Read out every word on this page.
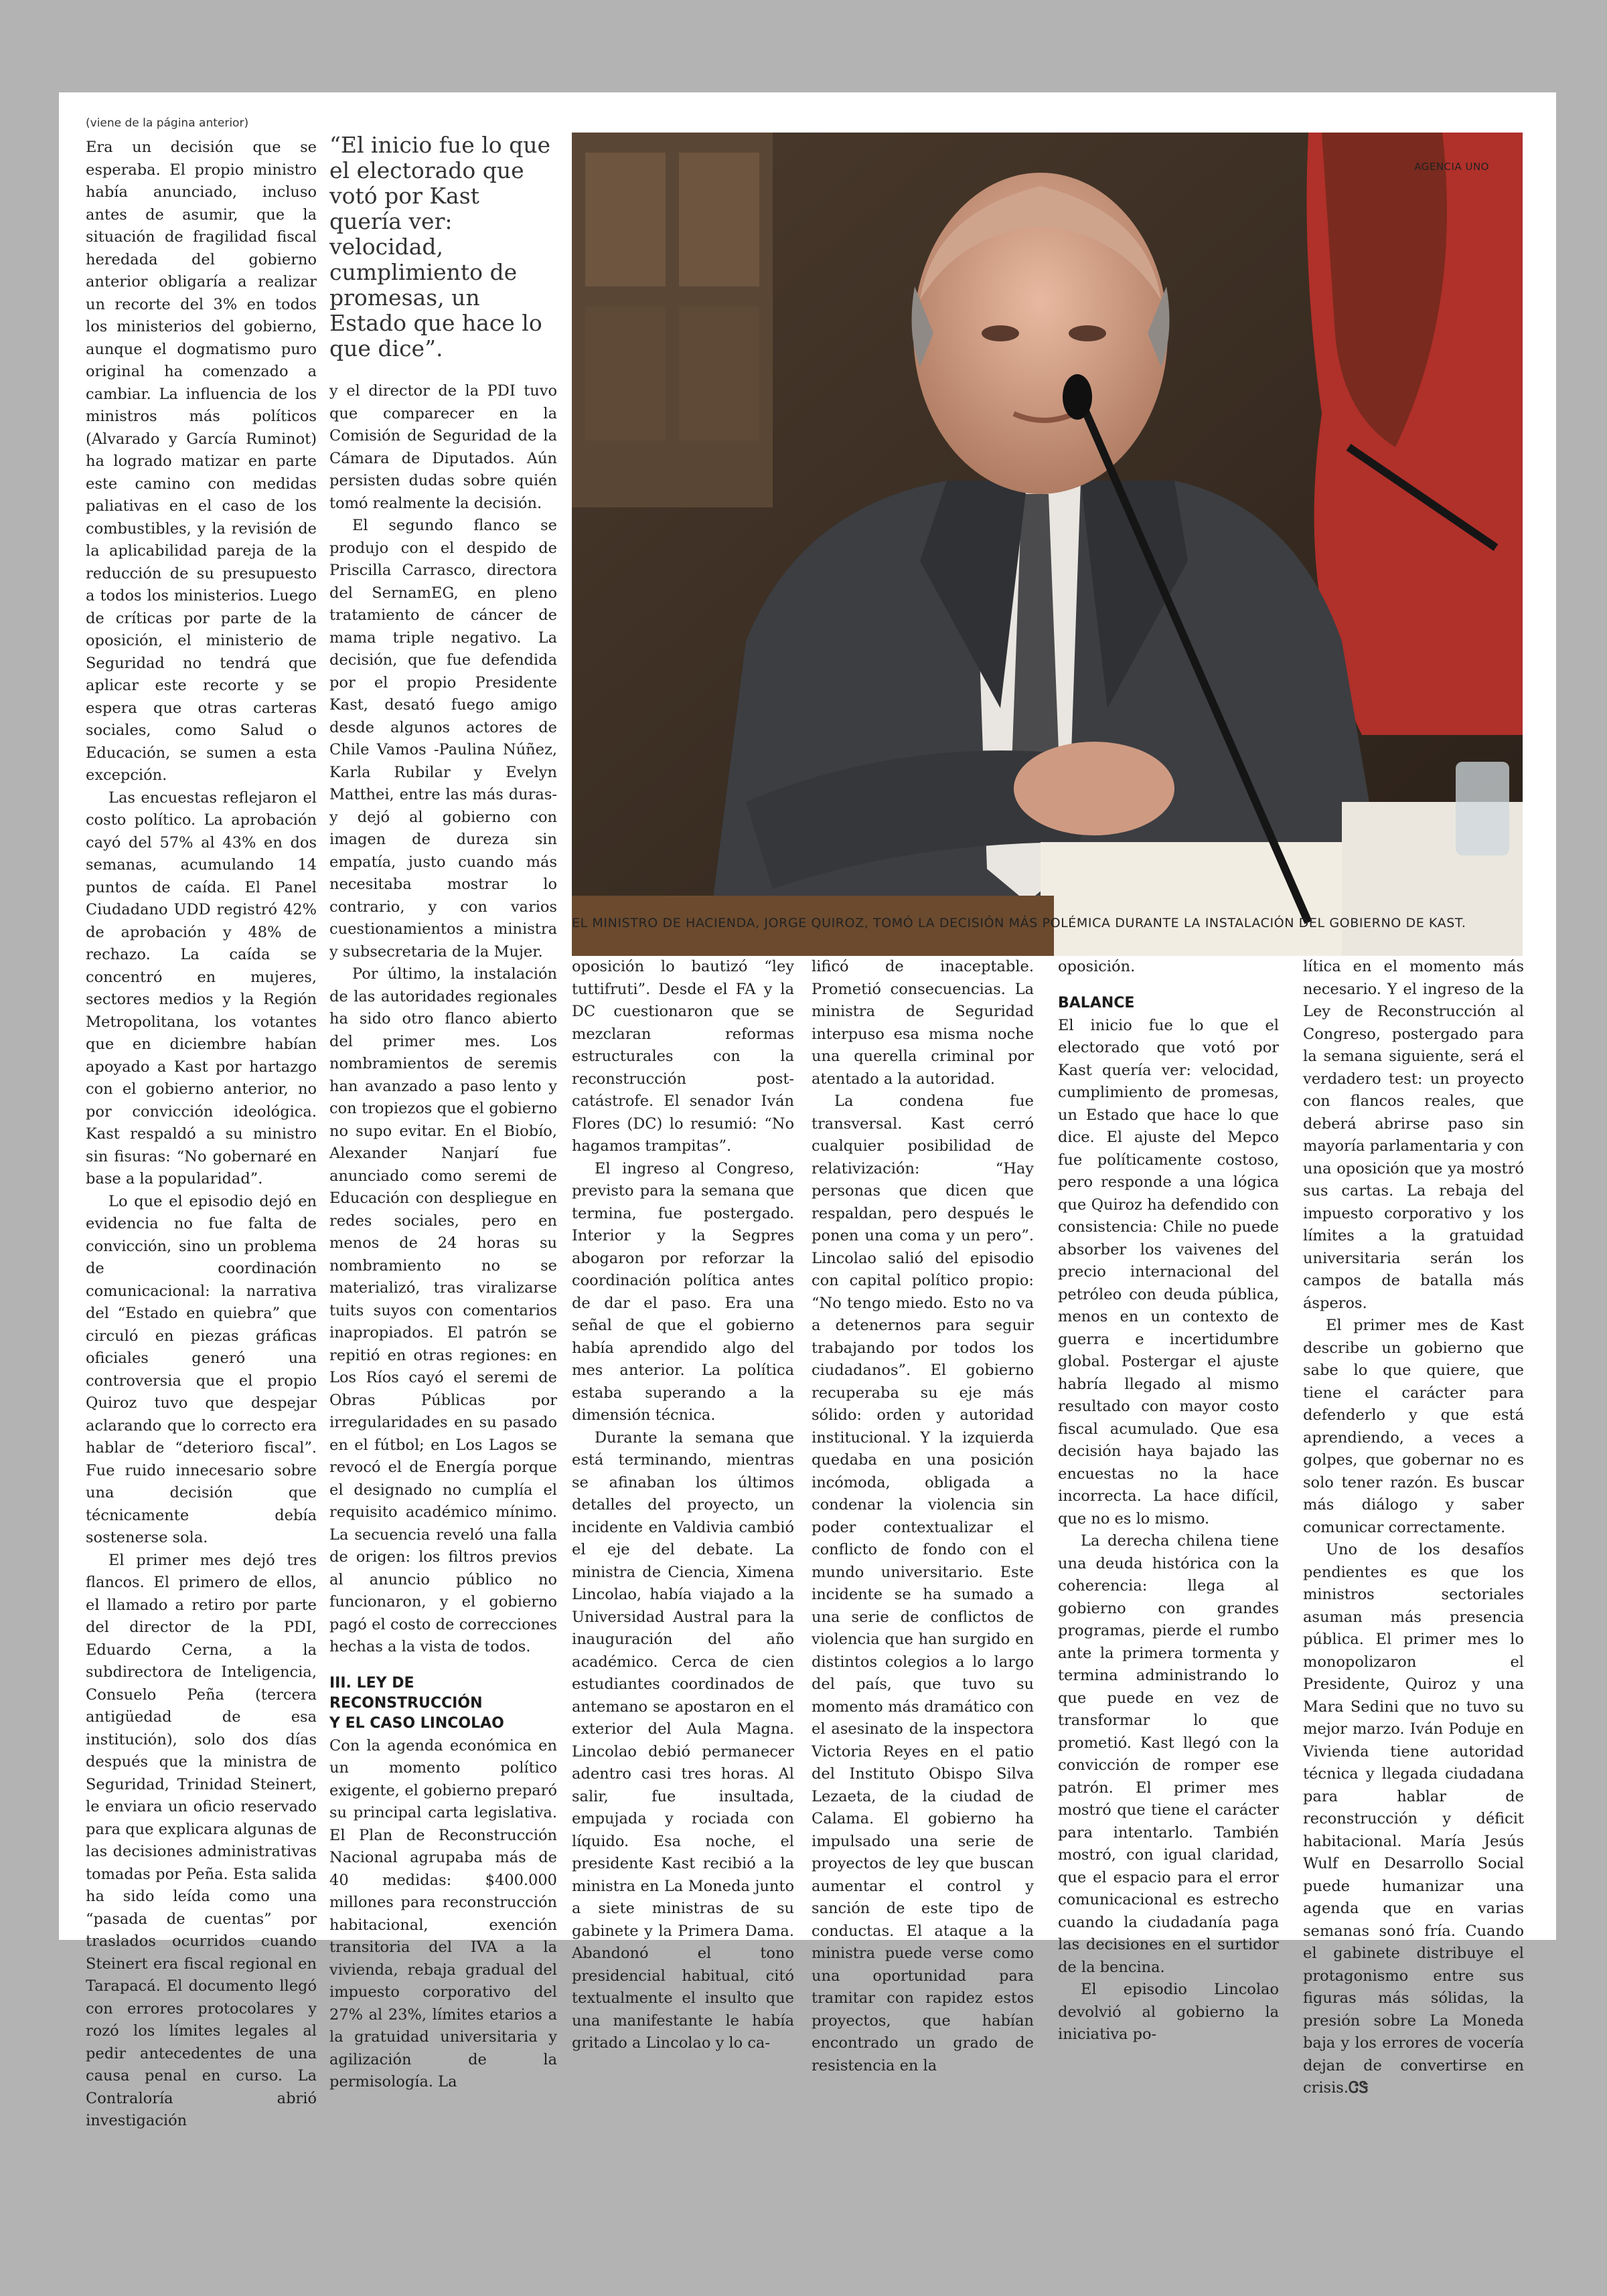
(viene de la página anterior)

Era un decisión que se esperaba. El propio ministro había anunciado, incluso antes de asumir, que la situación de fragilidad fiscal heredada del gobierno anterior obligaría a realizar un recorte del 3% en todos los ministerios del gobierno, aunque el dogmatismo puro original ha comenzado a cambiar. La influencia de los ministros más políticos (Alvarado y García Ruminot) ha logrado matizar en parte este camino con medidas paliativas en el caso de los combustibles, y la revisión de la aplicabilidad pareja de la reducción de su presupuesto a todos los ministerios. Luego de críticas por parte de la oposición, el ministerio de Seguridad no tendrá que aplicar este recorte y se espera que otras carteras sociales, como Salud o Educación, se sumen a esta excepción.

Las encuestas reflejaron el costo político. La aprobación cayó del 57% al 43% en dos semanas, acumulando 14 puntos de caída. El Panel Ciudadano UDD registró 42% de aprobación y 48% de rechazo. La caída se concentró en mujeres, sectores medios y la Región Metropolitana, los votantes que en diciembre habían apoyado a Kast por hartazgo con el gobierno anterior, no por convicción ideológica. Kast respaldó a su ministro sin fisuras: “No gobernaré en base a la popularidad”.

Lo que el episodio dejó en evidencia no fue falta de convicción, sino un problema de coordinación comunicacional: la narrativa del “Estado en quiebra” que circuló en piezas gráficas oficiales generó una controversia que el propio Quiroz tuvo que despejar aclarando que lo correcto era hablar de “deterioro fiscal”. Fue ruido innecesario sobre una decisión que técnicamente debía sostenerse sola.

El primer mes dejó tres flancos. El primero de ellos, el llamado a retiro por parte del director de la PDI, Eduardo Cerna, a la subdirectora de Inteligencia, Consuelo Peña (tercera antigüedad de esa institución), solo dos días después que la ministra de Seguridad, Trinidad Steinert, le enviara un oficio reservado para que explicara algunas de las decisiones administrativas tomadas por Peña. Esta salida ha sido leída como una “pasada de cuentas” por traslados ocurridos cuando Steinert era fiscal regional en Tarapacá. El documento llegó con errores protocolares y rozó los límites legales al pedir antecedentes de una causa penal en curso. La Contraloría abrió investigación

“El inicio fue lo que el electorado que votó por Kast quería ver: velocidad, cumplimiento de promesas, un Estado que hace lo que dice”.

y el director de la PDI tuvo que comparecer en la Comisión de Seguridad de la Cámara de Diputados. Aún persisten dudas sobre quién tomó realmente la decisión.

El segundo flanco se produjo con el despido de Priscilla Carrasco, directora del SernamEG, en pleno tratamiento de cáncer de mama triple negativo. La decisión, que fue defendida por el propio Presidente Kast, desató fuego amigo desde algunos actores de Chile Vamos -Paulina Núñez, Karla Rubilar y Evelyn Matthei, entre las más duras- y dejó al gobierno con imagen de dureza sin empatía, justo cuando más necesitaba mostrar lo contrario, y con varios cuestionamientos a ministra y subsecretaria de la Mujer.

Por último, la instalación de las autoridades regionales ha sido otro flanco abierto del primer mes. Los nombramientos de seremis han avanzado a paso lento y con tropiezos que el gobierno no supo evitar. En el Biobío, Alexander Nanjarí fue anunciado como seremi de Educación con despliegue en redes sociales, pero en menos de 24 horas su nombramiento no se materializó, tras viralizarse tuits suyos con comentarios inapropiados. El patrón se repitió en otras regiones: en Los Ríos cayó el seremi de Obras Públicas por irregularidades en su pasado en el fútbol; en Los Lagos se revocó el de Energía porque el designado no cumplía el requisito académico mínimo. La secuencia reveló una falla de origen: los filtros previos al anuncio público no funcionaron, y el gobierno pagó el costo de correcciones hechas a la vista de todos.

III. LEY DE RECONSTRUCCIÓN
Y EL CASO LINCOLAO

Con la agenda económica en un momento político exigente, el gobierno preparó su principal carta legislativa. El Plan de Reconstrucción Nacional agrupaba más de 40 medidas: $400.000 millones para reconstrucción habitacional, exención transitoria del IVA a la vivienda, rebaja gradual del impuesto corporativo del 27% al 23%, límites etarios a la gratuidad universitaria y agilización de la permisología. La

AGENCIA UNO
EL MINISTRO DE HACIENDA, JORGE QUIROZ, TOMÓ LA DECISIÓN MÁS POLÉMICA DURANTE LA INSTALACIÓN DEL GOBIERNO DE KAST.

oposición lo bautizó “ley tuttifruti”. Desde el FA y la DC cuestionaron que se mezclaran reformas estructurales con la reconstrucción post-catástrofe. El senador Iván Flores (DC) lo resumió: “No hagamos trampitas”.

El ingreso al Congreso, previsto para la semana que termina, fue postergado. Interior y la Segpres abogaron por reforzar la coordinación política antes de dar el paso. Era una señal de que el gobierno había aprendido algo del mes anterior. La política estaba superando a la dimensión técnica.

Durante la semana que está terminando, mientras se afinaban los últimos detalles del proyecto, un incidente en Valdivia cambió el eje del debate. La ministra de Ciencia, Ximena Lincolao, había viajado a la Universidad Austral para la inauguración del año académico. Cerca de cien estudiantes coordinados de antemano se apostaron en el exterior del Aula Magna. Lincolao debió permanecer adentro casi tres horas. Al salir, fue insultada, empujada y rociada con líquido. Esa noche, el presidente Kast recibió a la ministra en La Moneda junto a siete ministras de su gabinete y la Primera Dama. Abandonó el tono presidencial habitual, citó textualmente el insulto que una manifestante le había gritado a Lincolao y lo ca-

lificó de inaceptable. Prometió consecuencias. La ministra de Seguridad interpuso esa misma noche una querella criminal por atentado a la autoridad.

La condena fue transversal. Kast cerró cualquier posibilidad de relativización: “Hay personas que dicen que respaldan, pero después le ponen una coma y un pero”. Lincolao salió del episodio con capital político propio: “No tengo miedo. Esto no va a detenernos para seguir trabajando por todos los ciudadanos”. El gobierno recuperaba su eje más sólido: orden y autoridad institucional. Y la izquierda quedaba en una posición incómoda, obligada a condenar la violencia sin poder contextualizar el conflicto de fondo con el mundo universitario. Este incidente se ha sumado a una serie de conflictos de violencia que han surgido en distintos colegios a lo largo del país, que tuvo su momento más dramático con el asesinato de la inspectora Victoria Reyes en el patio del Instituto Obispo Silva Lezaeta, de la ciudad de Calama. El gobierno ha impulsado una serie de proyectos de ley que buscan aumentar el control y sanción de este tipo de conductas. El ataque a la ministra puede verse como una oportunidad para tramitar con rapidez estos proyectos, que habían encontrado un grado de resistencia en la

oposición.

BALANCE

El inicio fue lo que el electorado que votó por Kast quería ver: velocidad, cumplimiento de promesas, un Estado que hace lo que dice. El ajuste del Mepco fue políticamente costoso, pero responde a una lógica que Quiroz ha defendido con consistencia: Chile no puede absorber los vaivenes del precio internacional del petróleo con deuda pública, menos en un contexto de guerra e incertidumbre global. Postergar el ajuste habría llegado al mismo resultado con mayor costo fiscal acumulado. Que esa decisión haya bajado las encuestas no la hace incorrecta. La hace difícil, que no es lo mismo.

La derecha chilena tiene una deuda histórica con la coherencia: llega al gobierno con grandes programas, pierde el rumbo ante la primera tormenta y termina administrando lo que puede en vez de transformar lo que prometió. Kast llegó con la convicción de romper ese patrón. El primer mes mostró que tiene el carácter para intentarlo. También mostró, con igual claridad, que el espacio para el error comunicacional es estrecho cuando la ciudadanía paga las decisiones en el surtidor de la bencina.

El episodio Lincolao devolvió al gobierno la iniciativa po-

lítica en el momento más necesario. Y el ingreso de la Ley de Reconstrucción al Congreso, postergado para la semana siguiente, será el verdadero test: un proyecto con flancos reales, que deberá abrirse paso sin mayoría parlamentaria y con una oposición que ya mostró sus cartas. La rebaja del impuesto corporativo y los límites a la gratuidad universitaria serán los campos de batalla más ásperos.

El primer mes de Kast describe un gobierno que sabe lo que quiere, que tiene el carácter para defenderlo y que está aprendiendo, a veces a golpes, que gobernar no es solo tener razón. Es buscar más diálogo y saber comunicar correctamente.

Uno de los desafíos pendientes es que los ministros sectoriales asuman más presencia pública. El primer mes lo monopolizaron el Presidente, Quiroz y una Mara Sedini que no tuvo su mejor marzo. Iván Poduje en Vivienda tiene autoridad técnica y llegada ciudadana para hablar de reconstrucción y déficit habitacional. María Jesús Wulf en Desarrollo Social puede humanizar una agenda que en varias semanas sonó fría. Cuando el gabinete distribuye el protagonismo entre sus figuras más sólidas, la presión sobre La Moneda baja y los errores de vocería dejan de convertirse en crisis.ᏣᏕ
